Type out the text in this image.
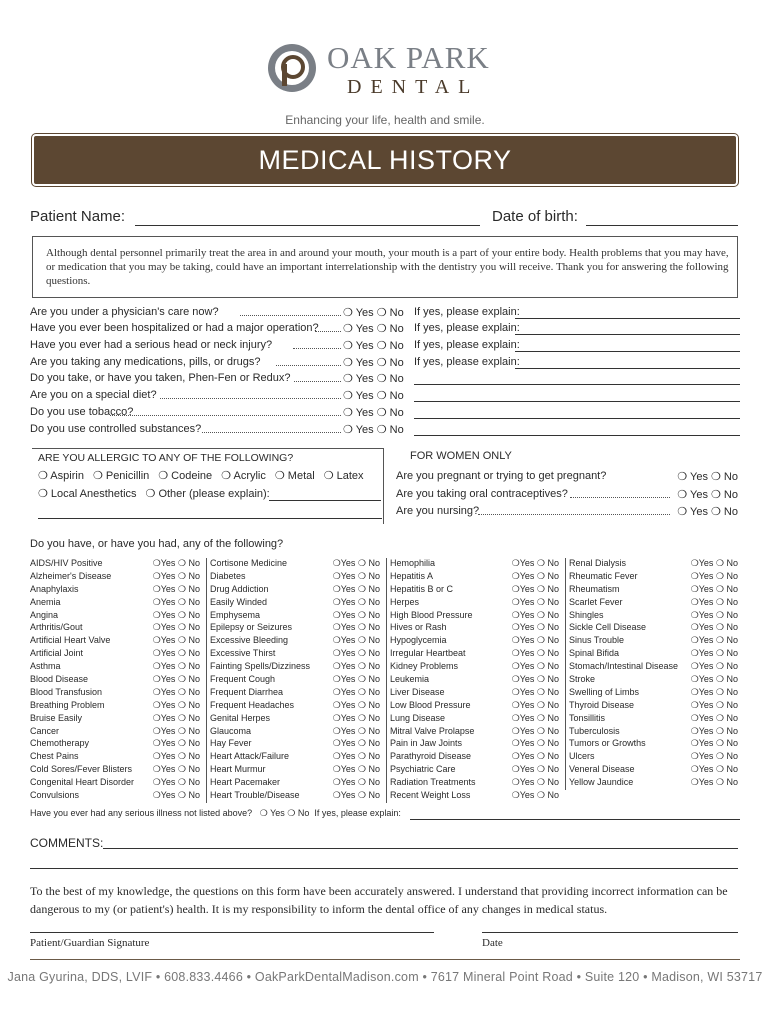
OAK PARK
DENTAL
Enhancing your life, health and smile.
MEDICAL HISTORY
Patient Name:	Date of birth:
Although dental personnel primarily treat the area in and around your mouth, your mouth is a part of your entire body. Health problems that you may have, or medication that you may be taking, could have an important interrelationship with the dentistry you will receive. Thank you for answering the following questions.
Are you under a physician's care now?	❍ Yes ❍ No If yes, please explain:
Have you ever been hospitalized or had a major operation? ❍ Yes ❍ No If yes, please explain:
Have you ever had a serious head or neck injury?	❍ Yes ❍ No If yes, please explain:
Are you taking any medications, pills, or drugs?	❍ Yes ❍ No If yes, please explain:
Do you take, or have you taken, Phen-Fen or Redux?	❍ Yes ❍ No
Are you on a special diet?	❍ Yes ❍ No
Do you use tobacco?	❍ Yes ❍ No
Do you use controlled substances?	❍ Yes ❍ No
ARE YOU ALLERGIC TO ANY OF THE FOLLOWING?
❍ Aspirin ❍ Penicillin ❍ Codeine ❍ Acrylic ❍ Metal ❍ Latex
❍ Local Anesthetics ❍ Other (please explain):
FOR WOMEN ONLY
Are you pregnant or trying to get pregnant?	❍ Yes ❍ No
Are you taking oral contraceptives?	❍ Yes ❍ No
Are you nursing?	❍ Yes ❍ No
Do you have, or have you had, any of the following?
AIDS/HIV Positive	❍Yes ❍ No
Alzheimer's Disease	❍Yes ❍ No
Anaphylaxis	❍Yes ❍ No
Anemia	❍Yes ❍ No
Angina	❍Yes ❍ No
Arthritis/Gout	❍Yes ❍ No
Artificial Heart Valve	❍Yes ❍ No
Artificial Joint	❍Yes ❍ No
Asthma	❍Yes ❍ No
Blood Disease	❍Yes ❍ No
Blood Transfusion	❍Yes ❍ No
Breathing Problem	❍Yes ❍ No
Bruise Easily	❍Yes ❍ No
Cancer	❍Yes ❍ No
Chemotherapy	❍Yes ❍ No
Chest Pains	❍Yes ❍ No
Cold Sores/Fever Blisters ❍Yes ❍ No
Congenital Heart Disorder ❍Yes ❍ No
Convulsions	❍Yes ❍ No
Cortisone Medicine	❍Yes ❍ No
Diabetes	❍Yes ❍ No
Drug Addiction	❍Yes ❍ No
Easily Winded	❍Yes ❍ No
Emphysema	❍Yes ❍ No
Epilepsy or Seizures	❍Yes ❍ No
Excessive Bleeding	❍Yes ❍ No
Excessive Thirst	❍Yes ❍ No
Fainting Spells/Dizziness	❍Yes ❍ No
Frequent Cough	❍Yes ❍ No
Frequent Diarrhea	❍Yes ❍ No
Frequent Headaches	❍Yes ❍ No
Genital Herpes	❍Yes ❍ No
Glaucoma	❍Yes ❍ No
Hay Fever	❍Yes ❍ No
Heart Attack/Failure	❍Yes ❍ No
Heart Murmur	❍Yes ❍ No
Heart Pacemaker	❍Yes ❍ No
Heart Trouble/Disease	❍Yes ❍ No
Hemophilia	❍Yes ❍ No
Hepatitis A	❍Yes ❍ No
Hepatitis B or C	❍Yes ❍ No
Herpes	❍Yes ❍ No
High Blood Pressure	❍Yes ❍ No
Hives or Rash	❍Yes ❍ No
Hypoglycemia	❍Yes ❍ No
Irregular Heartbeat	❍Yes ❍ No
Kidney Problems	❍Yes ❍ No
Leukemia	❍Yes ❍ No
Liver Disease	❍Yes ❍ No
Low Blood Pressure	❍Yes ❍ No
Lung Disease	❍Yes ❍ No
Mitral Valve Prolapse	❍Yes ❍ No
Pain in Jaw Joints	❍Yes ❍ No
Parathyroid Disease	❍Yes ❍ No
Psychiatric Care	❍Yes ❍ No
Radiation Treatments	❍Yes ❍ No
Recent Weight Loss	❍Yes ❍ No
Renal Dialysis	❍Yes ❍ No
Rheumatic Fever	❍Yes ❍ No
Rheumatism	❍Yes ❍ No
Scarlet Fever	❍Yes ❍ No
Shingles	❍Yes ❍ No
Sickle Cell Disease	❍Yes ❍ No
Sinus Trouble	❍Yes ❍ No
Spinal Bifida	❍Yes ❍ No
Stomach/Intestinal Disease ❍Yes ❍ No
Stroke	❍Yes ❍ No
Swelling of Limbs	❍Yes ❍ No
Thyroid Disease	❍Yes ❍ No
Tonsillitis	❍Yes ❍ No
Tuberculosis	❍Yes ❍ No
Tumors or Growths	❍Yes ❍ No
Ulcers	❍Yes ❍ No
Veneral Disease	❍Yes ❍ No
Yellow Jaundice	❍Yes ❍ No
Have you ever had any serious illness not listed above? ❍ Yes ❍ No If yes, please explain:
COMMENTS:
To the best of my knowledge, the questions on this form have been accurately answered. I understand that providing incorrect information can be dangerous to my (or patient's) health. It is my responsibility to inform the dental office of any changes in medical status.
Patient/Guardian Signature	Date
Jana Gyurina, DDS, LVIF • 608.833.4466 • OakParkDentalMadison.com • 7617 Mineral Point Road • Suite 120 • Madison, WI 53717
